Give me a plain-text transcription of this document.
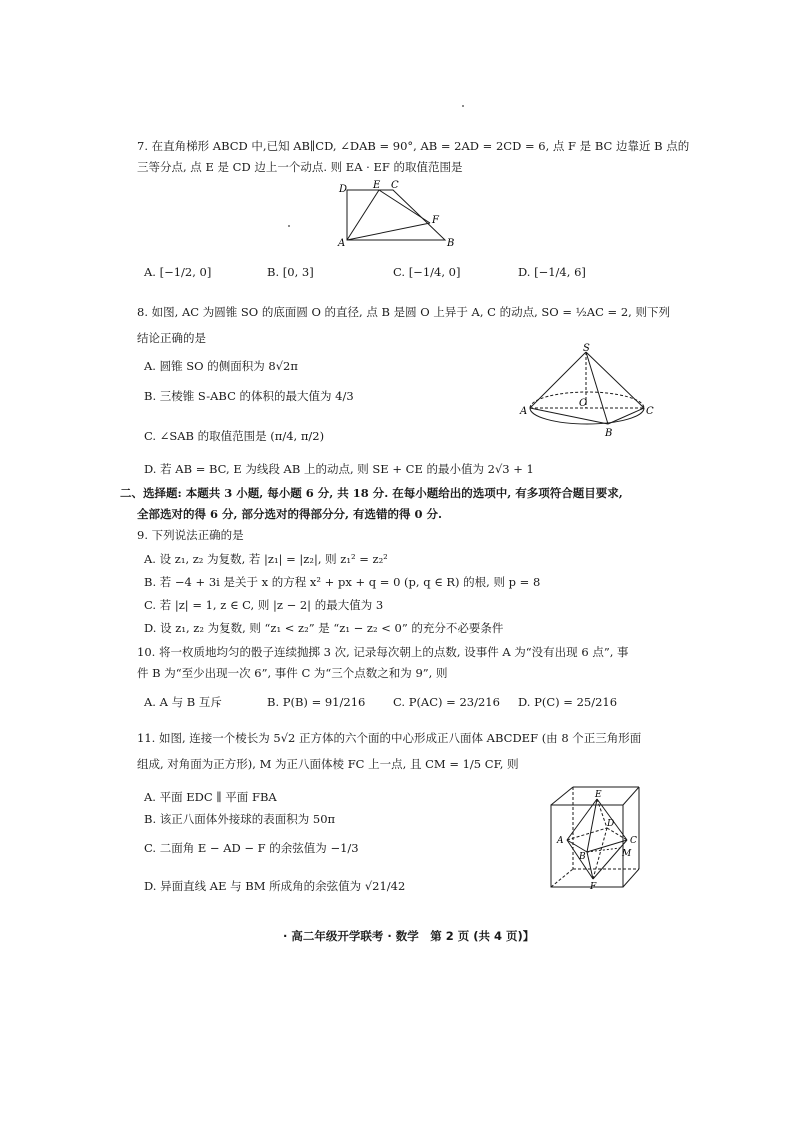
7. 在直角梯形 ABCD 中,已知 AB∥CD, ∠DAB = 90°, AB = 2AD = 2CD = 6, 点 F 是 BC 边靠近 B 点的
三等分点, 点 E 是 CD 边上一个动点. 则 EA · EF 的取值范围是
D	E C
F
A	B
A. [−1/2, 0]	B. [0, 3]	C. [−1/4, 0]	D. [−1/4, 6]
8. 如图, AC 为圆锥 SO 的底面圆 O 的直径, 点 B 是圆 O 上异于 A, C 的动点, SO = ½AC = 2, 则下列
结论正确的是
A. 圆锥 SO 的侧面积为 8√2π
B. 三棱锥 S-ABC 的体积的最大值为 4/3
C. ∠SAB 的取值范围是 (π/4, π/2)
D. 若 AB = BC, E 为线段 AB 上的动点, 则 SE + CE 的最小值为 2√3 + 1
S
A
O
C
B
二、选择题: 本题共 3 小题, 每小题 6 分, 共 18 分. 在每小题给出的选项中, 有多项符合题目要求,
全部选对的得 6 分, 部分选对的得部分分, 有选错的得 0 分.
9. 下列说法正确的是
A. 设 z₁, z₂ 为复数, 若 |z₁| = |z₂|, 则 z₁² = z₂²
B. 若 −4 + 3i 是关于 x 的方程 x² + px + q = 0 (p, q ∈ R) 的根, 则 p = 8
C. 若 |z| = 1, z ∈ C, 则 |z − 2| 的最大值为 3
D. 设 z₁, z₂ 为复数, 则 “z₁ < z₂” 是 “z₁ − z₂ < 0” 的充分不必要条件
10. 将一枚质地均匀的骰子连续抛掷 3 次, 记录每次朝上的点数, 设事件 A 为“没有出现 6 点”, 事
件 B 为“至少出现一次 6”, 事件 C 为“三个点数之和为 9”, 则
A. A 与 B 互斥	B. P(B) = 91/216 C. P(AC) = 23/216 D. P(C) = 25/216
11. 如图, 连接一个棱长为 5√2 正方体的六个面的中心形成正八面体 ABCDEF (由 8 个正三角形面
组成, 对角面为正方形), M 为正八面体棱 FC 上一点, 且 CM = 1/5 CF, 则
A. 平面 EDC ∥ 平面 FBA
B. 该正八面体外接球的表面积为 50π
C. 二面角 E − AD − F 的余弦值为 −1/3
D. 异面直线 AE 与 BM 所成角的余弦值为 √21/42
E
D
A	C
B	M
F
· 高二年级开学联考 · 数学　第 2 页 (共 4 页)】
